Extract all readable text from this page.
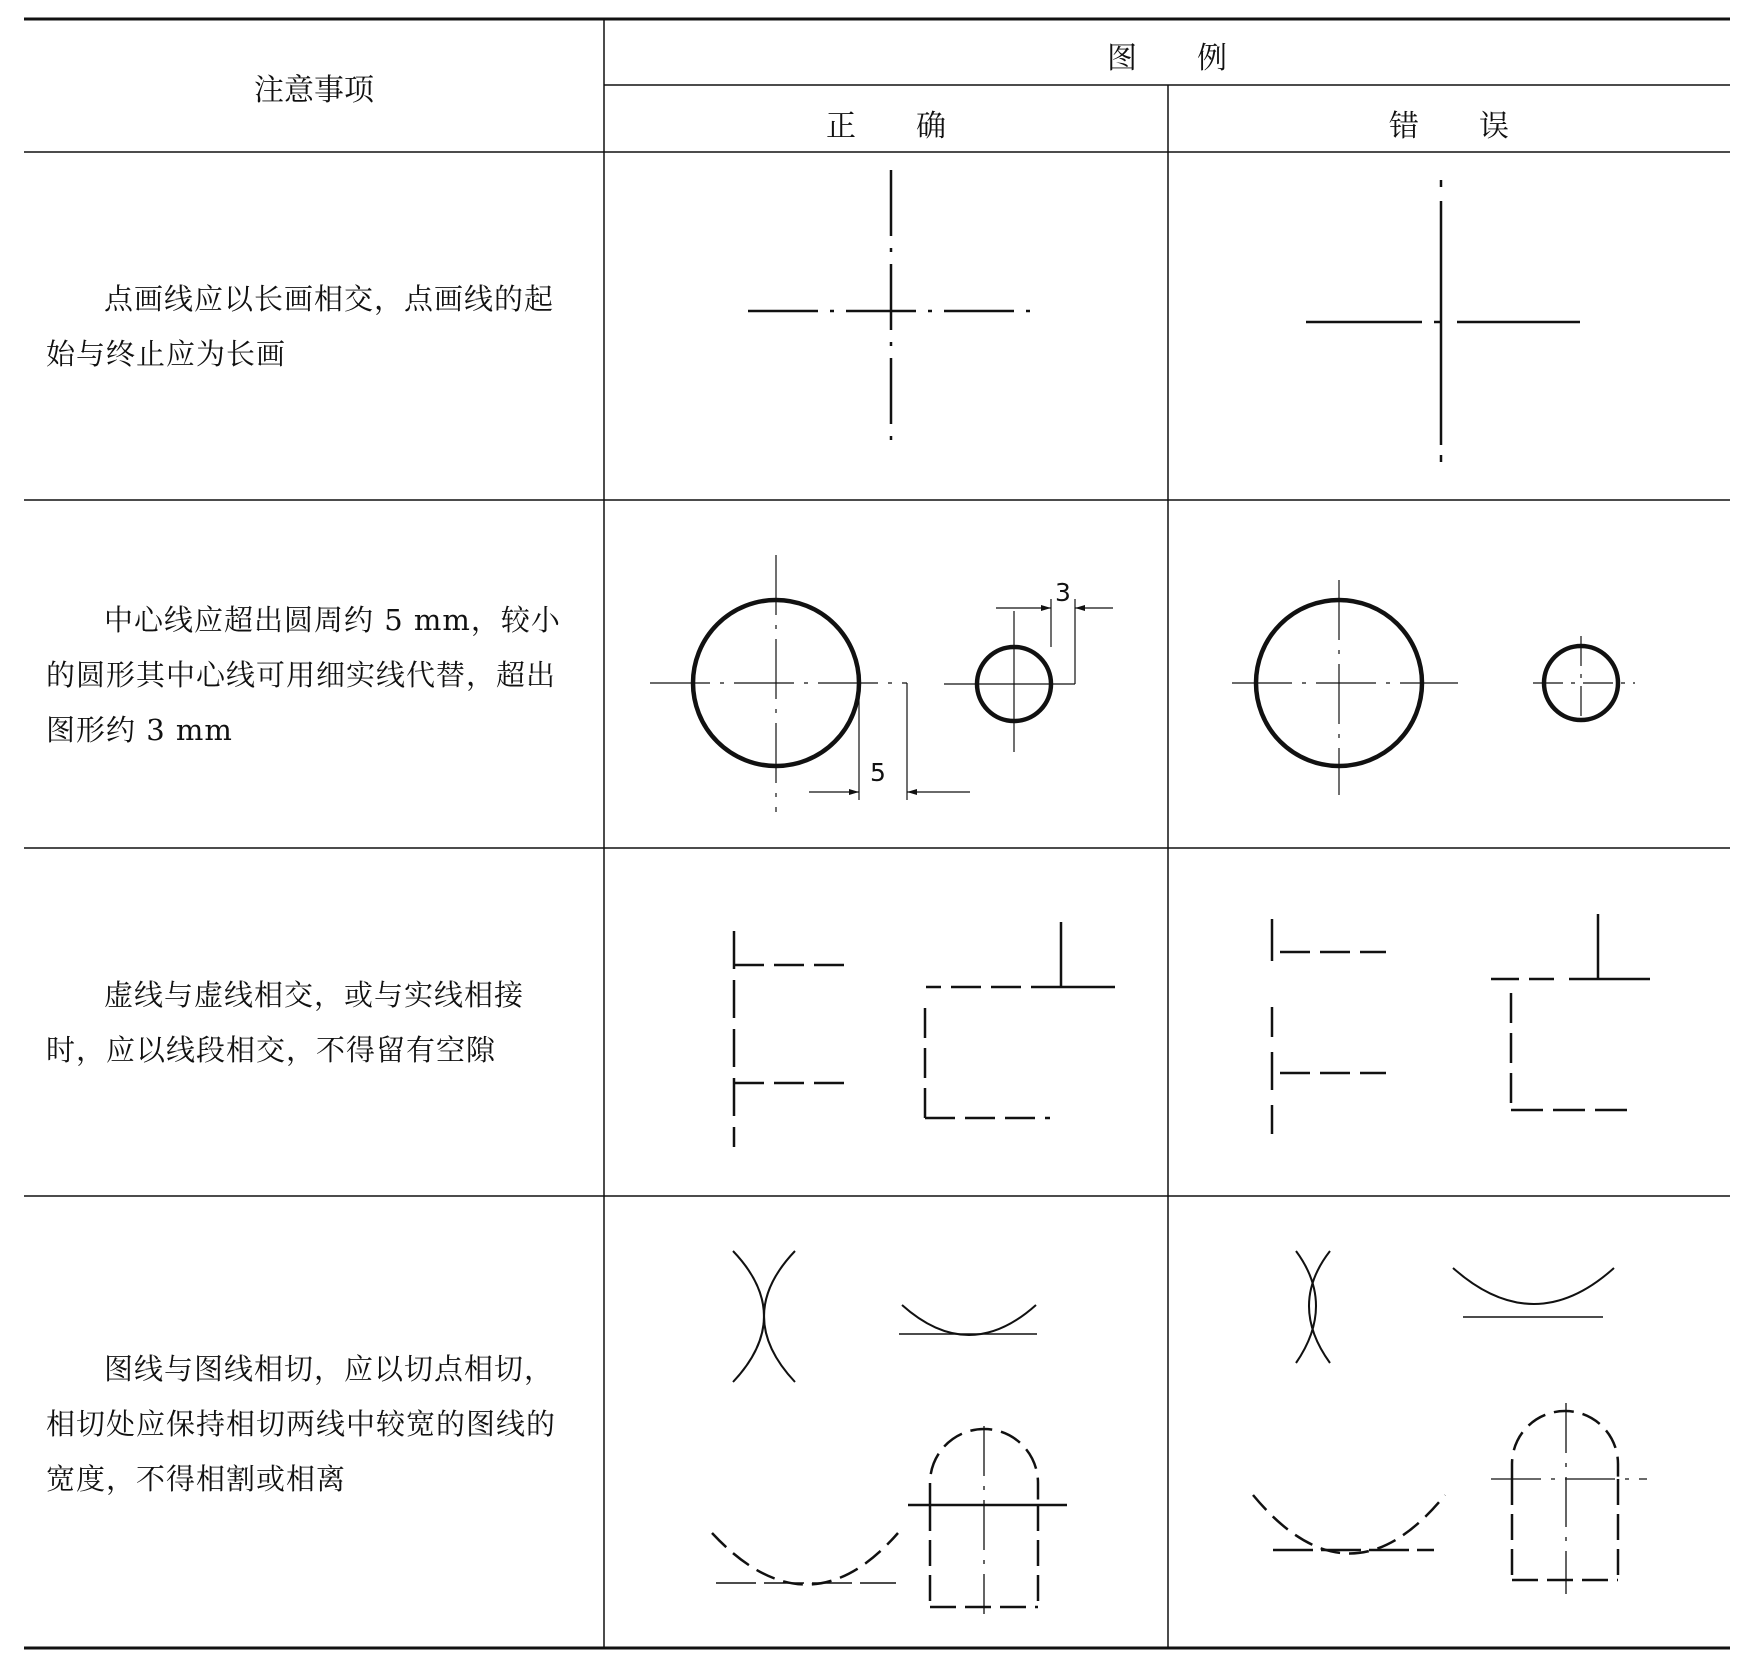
5
3
注意事项
图　　例
正　　确	错　　误
点画线应以长画相交，点画线的起始与终止应为长画
中心线应超出圆周约 5 mm，较小的圆形其中心线可用细实线代替，超出图形约 3 mm
虚线与虚线相交，或与实线相接时，应以线段相交，不得留有空隙
图线与图线相切，应以切点相切，相切处应保持相切两线中较宽的图线的宽度，不得相割或相离
